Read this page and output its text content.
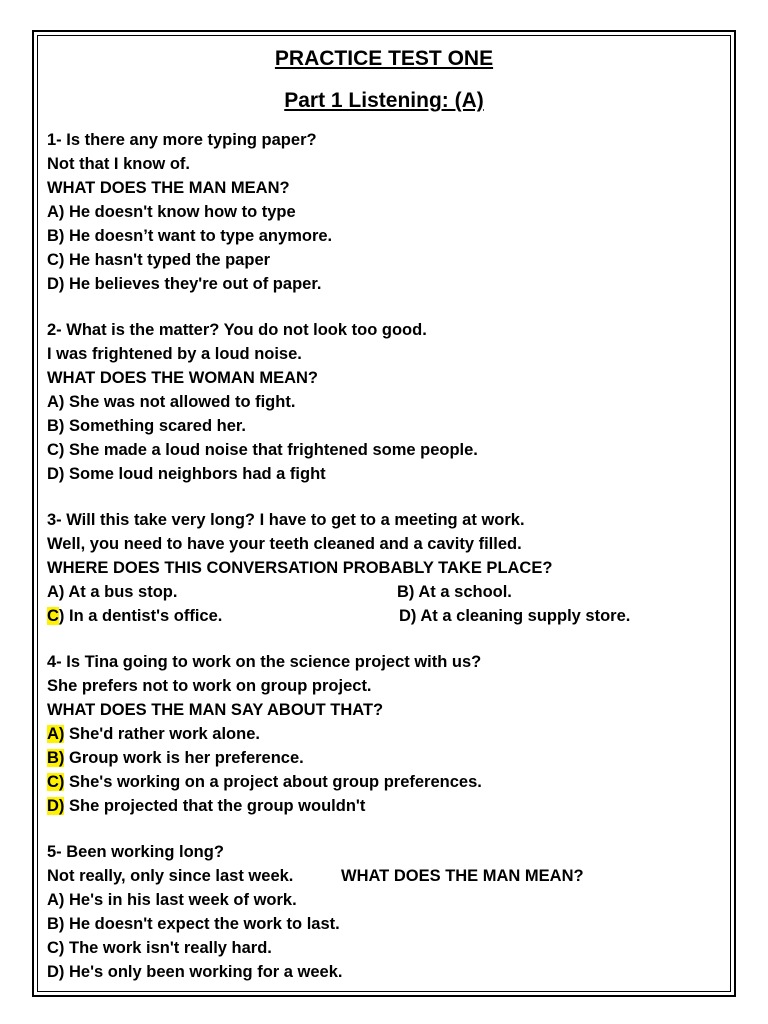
PRACTICE TEST ONE
Part 1 Listening: (A)
1- Is there any more typing paper?
Not that I know of.
WHAT DOES THE MAN MEAN?
A) He doesn't know how to type
B) He doesn’t want to type anymore.
C) He hasn't typed the paper
D) He believes they're out of paper.
2- What is the matter? You do not look too good.
I was frightened by a loud noise.
WHAT DOES THE WOMAN MEAN?
A) She was not allowed to fight.
B) Something scared her.
C) She made a loud noise that frightened some people.
D) Some loud neighbors had a fight
3- Will this take very long? I have to get to a meeting at work.
Well, you need to have your teeth cleaned and a cavity filled.
WHERE DOES THIS CONVERSATION PROBABLY TAKE PLACE?
A) At a bus stop.	B) At a school.
C) In a dentist's office.	D) At a cleaning supply store.
4- Is Tina going to work on the science project with us?
She prefers not to work on group project.
WHAT DOES THE MAN SAY ABOUT THAT?
A) She'd rather work alone.
B) Group work is her preference.
C) She's working on a project about group preferences.
D) She projected that the group wouldn't
5- Been working long?
Not really, only since last week.	WHAT DOES THE MAN MEAN?
A) He's in his last week of work.
B) He doesn't expect the work to last.
C) The work isn't really hard.
D) He's only been working for a week.
